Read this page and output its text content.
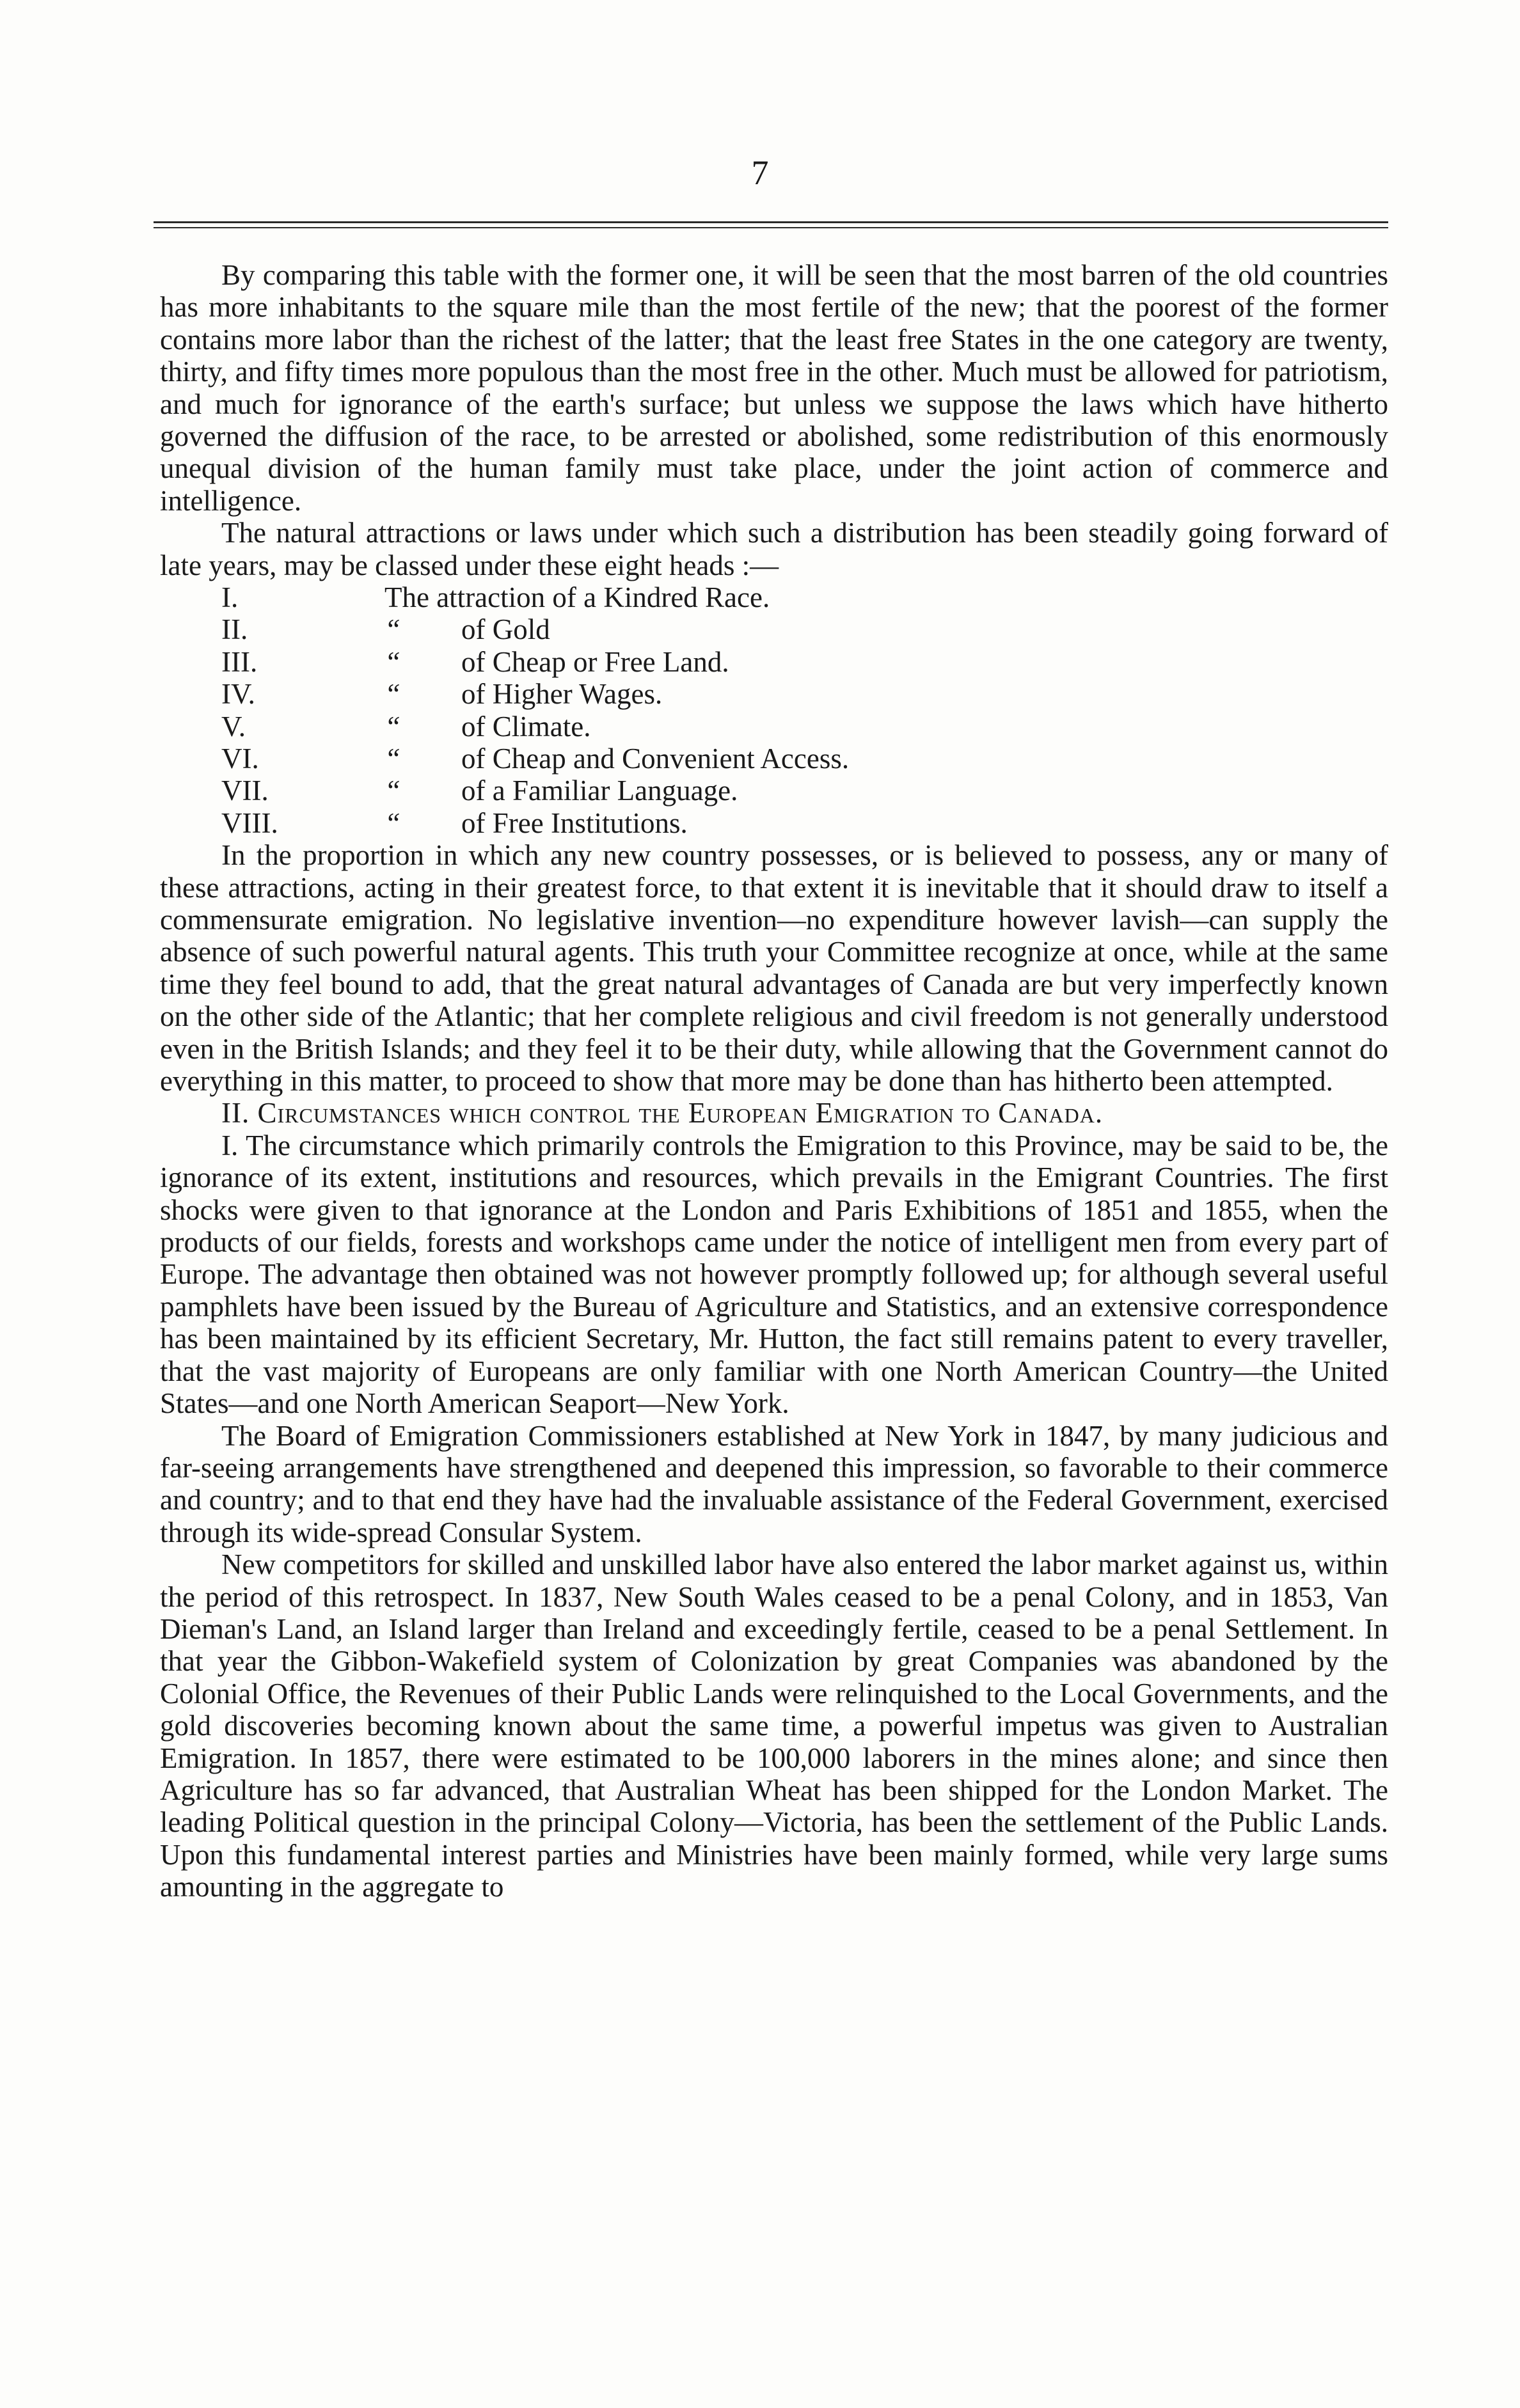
7

By comparing this table with the former one, it will be seen that the most barren of the old countries has more inhabitants to the square mile than the most fertile of the new; that the poorest of the former contains more labor than the richest of the latter; that the least free States in the one category are twenty, thirty, and fifty times more populous than the most free in the other. Much must be allowed for patriotism, and much for ignorance of the earth's surface; but unless we suppose the laws which have hitherto governed the diffusion of the race, to be arrested or abolished, some redistribution of this enormously unequal division of the human family must take place, under the joint action of commerce and intelligence.

The natural attractions or laws under which such a distribution has been steadily going forward of late years, may be classed under these eight heads :—

I.	The attraction of a Kindred Race.
II.	“ of Gold
III.	“ of Cheap or Free Land.
IV.	“ of Higher Wages.
V.	“ of Climate.
VI.	“ of Cheap and Convenient Access.
VII.	“ of a Familiar Language.
VIII.	“ of Free Institutions.

In the proportion in which any new country possesses, or is believed to possess, any or many of these attractions, acting in their greatest force, to that extent it is inevitable that it should draw to itself a commensurate emigration. No legislative invention—no expenditure however lavish—can supply the absence of such powerful natural agents. This truth your Committee recognize at once, while at the same time they feel bound to add, that the great natural advantages of Canada are but very imperfectly known on the other side of the Atlantic; that her complete religious and civil freedom is not generally understood even in the British Islands; and they feel it to be their duty, while allowing that the Government cannot do everything in this matter, to proceed to show that more may be done than has hitherto been attempted.

II. Circumstances which control the European Emigration to Canada.

I. The circumstance which primarily controls the Emigration to this Province, may be said to be, the ignorance of its extent, institutions and resources, which prevails in the Emigrant Countries. The first shocks were given to that ignorance at the London and Paris Exhibitions of 1851 and 1855, when the products of our fields, forests and workshops came under the notice of intelligent men from every part of Europe. The advantage then obtained was not however promptly followed up; for although several useful pamphlets have been issued by the Bureau of Agriculture and Statistics, and an extensive correspondence has been maintained by its efficient Secretary, Mr. Hutton, the fact still remains patent to every traveller, that the vast majority of Europeans are only familiar with one North American Country—the United States—and one North American Seaport—New York.

The Board of Emigration Commissioners established at New York in 1847, by many judicious and far-seeing arrangements have strengthened and deepened this impression, so favorable to their commerce and country; and to that end they have had the invaluable assistance of the Federal Government, exercised through its wide-spread Consular System.

New competitors for skilled and unskilled labor have also entered the labor market against us, within the period of this retrospect. In 1837, New South Wales ceased to be a penal Colony, and in 1853, Van Dieman's Land, an Island larger than Ireland and exceedingly fertile, ceased to be a penal Settlement. In that year the Gibbon-Wakefield system of Colonization by great Companies was abandoned by the Colonial Office, the Revenues of their Public Lands were relinquished to the Local Governments, and the gold discoveries becoming known about the same time, a powerful impetus was given to Australian Emigration. In 1857, there were estimated to be 100,000 laborers in the mines alone; and since then Agriculture has so far advanced, that Australian Wheat has been shipped for the London Market. The leading Political question in the principal Colony—Victoria, has been the settlement of the Public Lands. Upon this fundamental interest parties and Ministries have been mainly formed, while very large sums amounting in the aggregate to
